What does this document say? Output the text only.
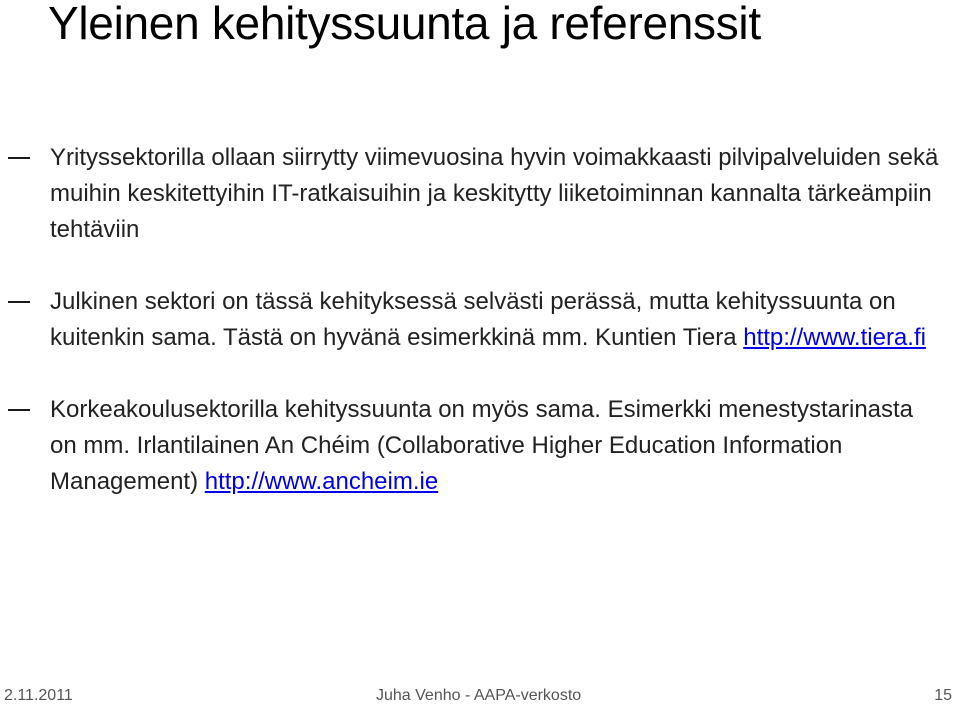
Yleinen kehityssuunta ja referenssit
Yrityssektorilla ollaan siirrytty viimevuosina hyvin voimakkaasti pilvipalveluiden sekä muihin keskitettyihin IT-ratkaisuihin ja keskitytty liiketoiminnan kannalta tärkeämpiin tehtäviin
Julkinen sektori on tässä kehityksessä selvästi perässä, mutta kehityssuunta on kuitenkin sama. Tästä on hyvänä esimerkkinä mm. Kuntien Tiera http://www.tiera.fi
Korkeakoulusektorilla kehityssuunta on myös sama. Esimerkki menestystarinasta on mm. Irlantilainen An Chéim (Collaborative Higher Education Information Management) http://www.ancheim.ie
2.11.2011	Juha Venho - AAPA-verkosto	15
